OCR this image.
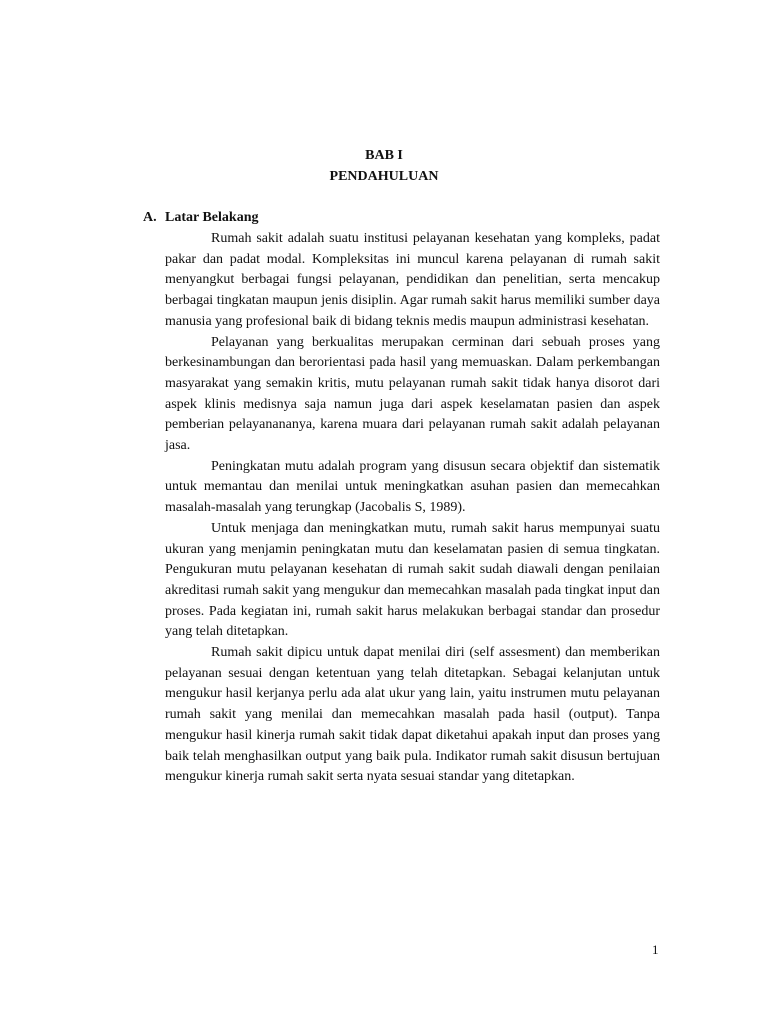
BAB I
PENDAHULUAN
A. Latar Belakang

Rumah sakit adalah suatu institusi pelayanan kesehatan yang kompleks, padat pakar dan padat modal. Kompleksitas ini muncul karena pelayanan di rumah sakit menyangkut berbagai fungsi pelayanan, pendidikan dan penelitian, serta mencakup berbagai tingkatan maupun jenis disiplin. Agar rumah sakit harus memiliki sumber daya manusia yang profesional baik di bidang teknis medis maupun administrasi kesehatan.

Pelayanan yang berkualitas merupakan cerminan dari sebuah proses yang berkesinambungan dan berorientasi pada hasil yang memuaskan. Dalam perkembangan masyarakat yang semakin kritis, mutu pelayanan rumah sakit tidak hanya disorot dari aspek klinis medisnya saja namun juga dari aspek keselamatan pasien dan aspek pemberian pelayanananya, karena muara dari pelayanan rumah sakit adalah pelayanan jasa.

Peningkatan mutu adalah program yang disusun secara objektif dan sistematik untuk memantau dan menilai untuk meningkatkan asuhan pasien dan memecahkan masalah-masalah yang terungkap (Jacobalis S, 1989).

Untuk menjaga dan meningkatkan mutu, rumah sakit harus mempunyai suatu ukuran yang menjamin peningkatan mutu dan keselamatan pasien di semua tingkatan. Pengukuran mutu pelayanan kesehatan di rumah sakit sudah diawali dengan penilaian akreditasi rumah sakit yang mengukur dan memecahkan masalah pada tingkat input dan proses. Pada kegiatan ini, rumah sakit harus melakukan berbagai standar dan prosedur yang telah ditetapkan.

Rumah sakit dipicu untuk dapat menilai diri (self assesment) dan memberikan pelayanan sesuai dengan ketentuan yang telah ditetapkan. Sebagai kelanjutan untuk mengukur hasil kerjanya perlu ada alat ukur yang lain, yaitu instrumen mutu pelayanan rumah sakit yang menilai dan memecahkan masalah pada hasil (output). Tanpa mengukur hasil kinerja rumah sakit tidak dapat diketahui apakah input dan proses yang baik telah menghasilkan output yang baik pula. Indikator rumah sakit disusun bertujuan mengukur kinerja rumah sakit serta nyata sesuai standar yang ditetapkan.

1
